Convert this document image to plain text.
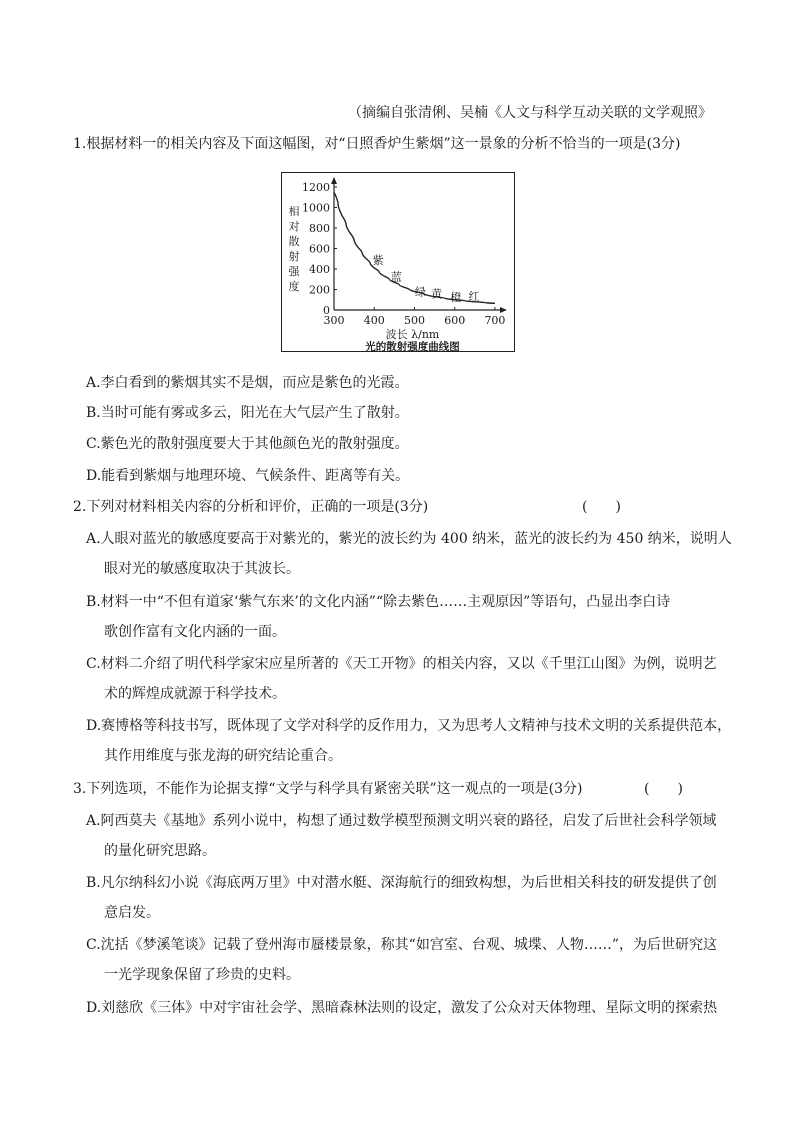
（摘编自张清俐、吴楠《人文与科学互动关联的文学观照》
1.根据材料一的相关内容及下面这幅图，对“日照香炉生紫烟”这一景象的分析不恰当的一项是(3分)
0
200
400
600
800
1000
1200
300 400 500 600 700
相
对
散
射
强
度
波长 λ/nm
光的散射强度曲线图
紫
蓝
绿 黄 橙 红
A.李白看到的紫烟其实不是烟，而应是紫色的光霞。
B.当时可能有雾或多云，阳光在大气层产生了散射。
C.紫色光的散射强度要大于其他颜色光的散射强度。
D.能看到紫烟与地理环境、气候条件、距离等有关。
2.下列对材料相关内容的分析和评价，正确的一项是(3分)	(　　)
A.人眼对蓝光的敏感度要高于对紫光的，紫光的波长约为 400 纳米，蓝光的波长约为 450 纳米，说明人
眼对光的敏感度取决于其波长。
B.材料一中“不但有道家‘紫气东来’的文化内涵”“除去紫色……主观原因”等语句，凸显出李白诗
歌创作富有文化内涵的一面。
C.材料二介绍了明代科学家宋应星所著的《天工开物》的相关内容，又以《千里江山图》为例，说明艺
术的辉煌成就源于科学技术。
D.赛博格等科技书写，既体现了文学对科学的反作用力，又为思考人文精神与技术文明的关系提供范本，
其作用维度与张龙海的研究结论重合。
3.下列选项，不能作为论据支撑“文学与科学具有紧密关联”这一观点的一项是(3分)	(　　)
A.阿西莫夫《基地》系列小说中，构想了通过数学模型预测文明兴衰的路径，启发了后世社会科学领域
的量化研究思路。
B.凡尔纳科幻小说《海底两万里》中对潜水艇、深海航行的细致构想，为后世相关科技的研发提供了创
意启发。
C.沈括《梦溪笔谈》记载了登州海市蜃楼景象，称其“如宫室、台观、城堞、人物……”，为后世研究这
一光学现象保留了珍贵的史料。
D.刘慈欣《三体》中对宇宙社会学、黑暗森林法则的设定，激发了公众对天体物理、星际文明的探索热
